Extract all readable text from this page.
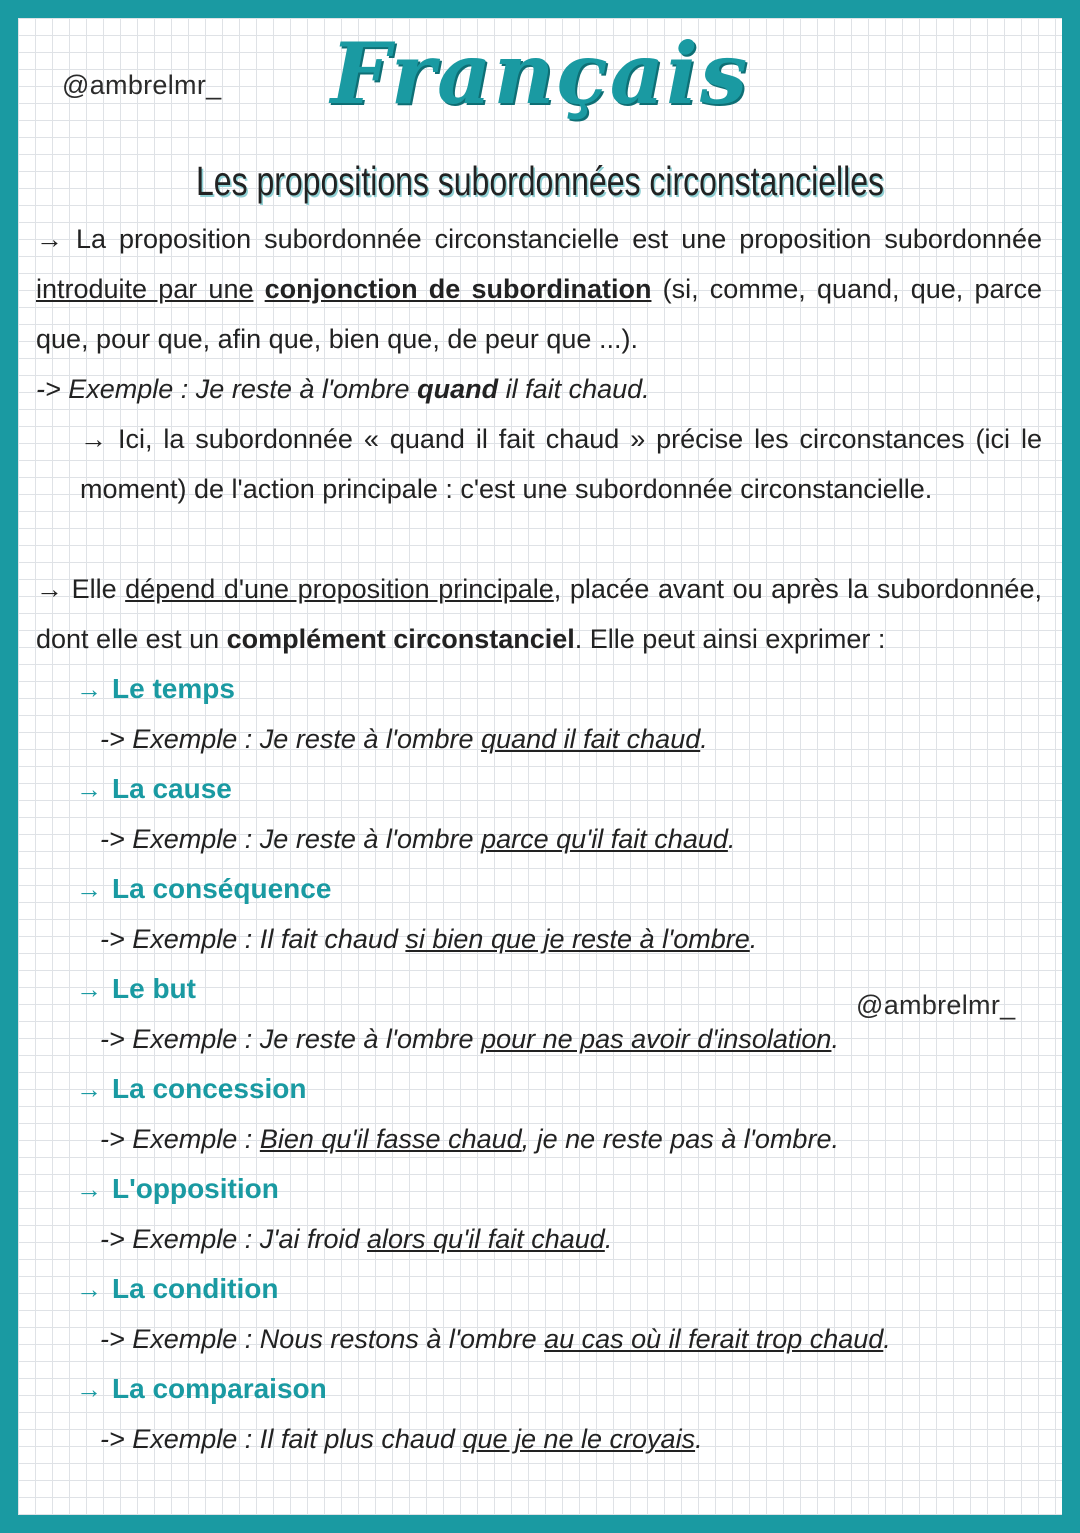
@ambrelmr_	Français
Les propositions subordonnées circonstancielles
@ambrelmr_

→ La proposition subordonnée circonstancielle est une proposition subordonnée introduite par une conjonction de subordination (si, comme, quand, que, parce que, pour que, afin que, bien que, de peur que ...).

-> Exemple : Je reste à l'ombre quand il fait chaud.

→ Ici, la subordonnée « quand il fait chaud » précise les circonstances (ici le moment) de l'action principale : c'est une subordonnée circonstancielle.

→ Elle dépend d'une proposition principale, placée avant ou après la subordonnée, dont elle est un complément circonstanciel. Elle peut ainsi exprimer :

→ Le temps
-> Exemple : Je reste à l'ombre quand il fait chaud.
→ La cause
-> Exemple : Je reste à l'ombre parce qu'il fait chaud.
→ La conséquence
-> Exemple : Il fait chaud si bien que je reste à l'ombre.
→ Le but
-> Exemple : Je reste à l'ombre pour ne pas avoir d'insolation.
→ La concession
-> Exemple : Bien qu'il fasse chaud, je ne reste pas à l'ombre.
→ L'opposition
-> Exemple : J'ai froid alors qu'il fait chaud.
→ La condition
-> Exemple : Nous restons à l'ombre au cas où il ferait trop chaud.
→ La comparaison
-> Exemple : Il fait plus chaud que je ne le croyais.
